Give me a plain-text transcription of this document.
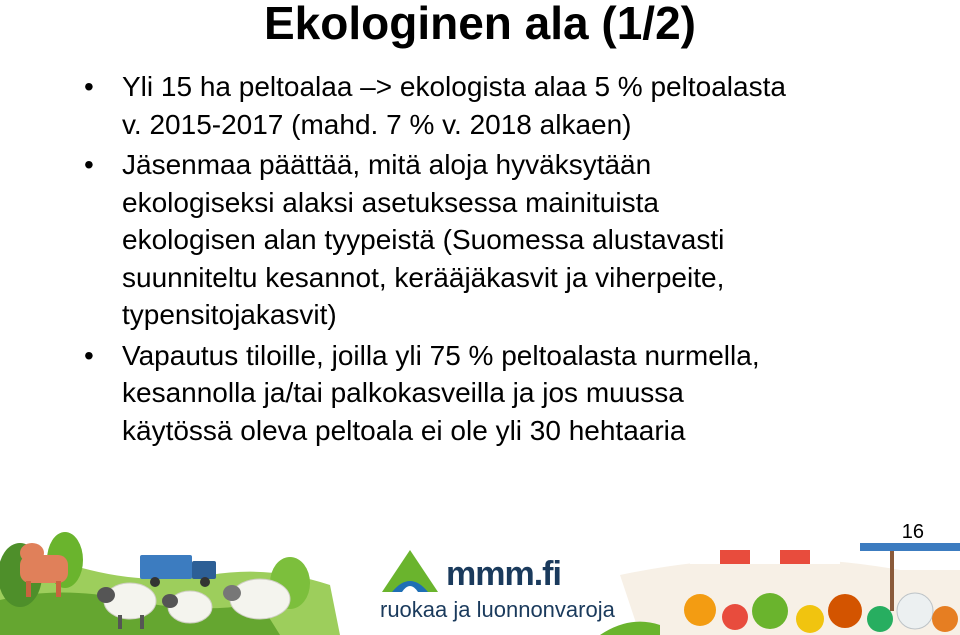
Ekologinen ala (1/2)
• Yli 15 ha peltoalaa –> ekologista alaa 5 % peltoalasta
v. 2015-2017 (mahd. 7 % v. 2018 alkaen)
• Jäsenmaa päättää, mitä aloja hyväksytään
ekologiseksi alaksi asetuksessa mainituista
ekologisen alan tyypeistä (Suomessa alustavasti
suunniteltu kesannot, kerääjäkasvit ja viherpeite,
typensitojakasvit)
• Vapautus tiloille, joilla yli 75 % peltoalasta nurmella,
kesannolla ja/tai palkokasveilla ja jos muussa
käytössä oleva peltoala ei ole yli 30 hehtaaria
mmm.fi
ruokaa ja luonnonvaroja
16
